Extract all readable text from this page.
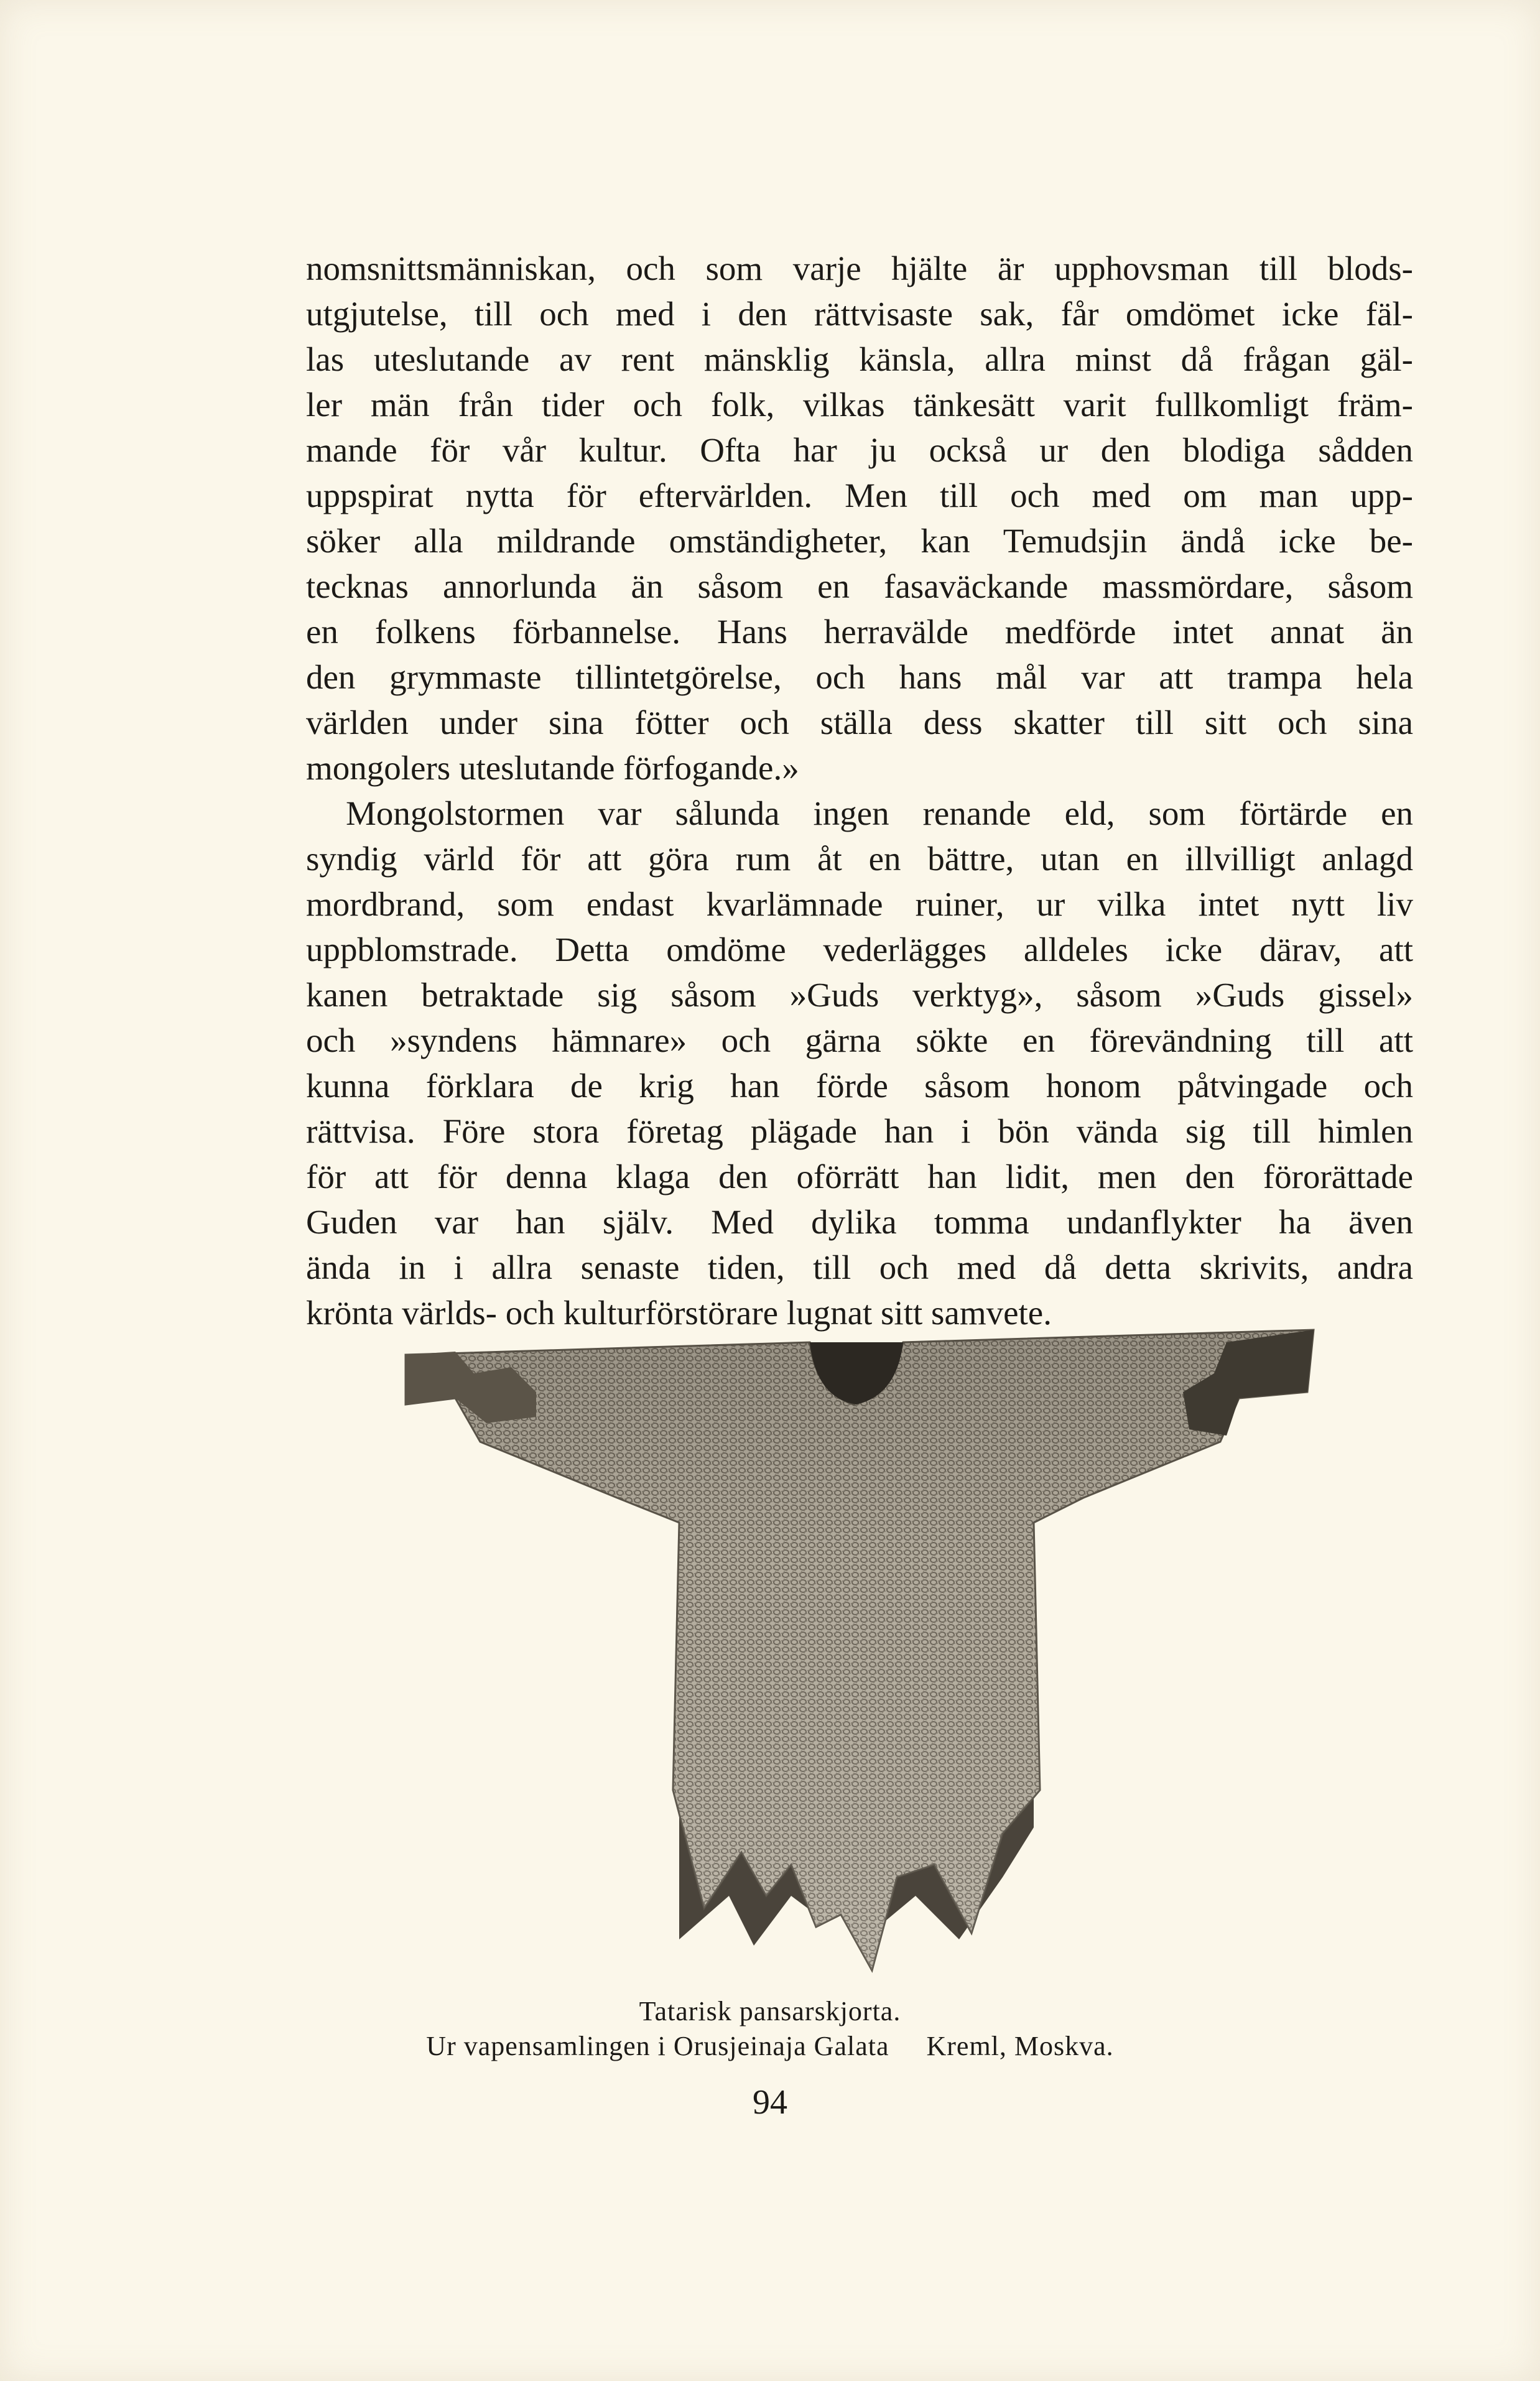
nomsnittsmänniskan, och som varje hjälte är upphovsman till blods-
utgjutelse, till och med i den rättvisaste sak, får omdömet icke fäl-
las uteslutande av rent mänsklig känsla, allra minst då frågan gäl-
ler män från tider och folk, vilkas tänkesätt varit fullkomligt främ-
mande för vår kultur. Ofta har ju också ur den blodiga sådden
uppspirat nytta för eftervärlden. Men till och med om man upp-
söker alla mildrande omständigheter, kan Temudsjin ändå icke be-
tecknas annorlunda än såsom en fasaväckande massmördare, såsom
en folkens förbannelse. Hans herravälde medförde intet annat än
den grymmaste tillintetgörelse, och hans mål var att trampa hela
världen under sina fötter och ställa dess skatter till sitt och sina
mongolers uteslutande förfogande.»
Mongolstormen var sålunda ingen renande eld, som förtärde en
syndig värld för att göra rum åt en bättre, utan en illvilligt anlagd
mordbrand, som endast kvarlämnade ruiner, ur vilka intet nytt liv
uppblomstrade. Detta omdöme vederlägges alldeles icke därav, att
kanen betraktade sig såsom »Guds verktyg», såsom »Guds gissel»
och »syndens hämnare» och gärna sökte en förevändning till att
kunna förklara de krig han förde såsom honom påtvingade och
rättvisa. Före stora företag plägade han i bön vända sig till himlen
för att för denna klaga den oförrätt han lidit, men den förorättade
Guden var han själv. Med dylika tomma undanflykter ha även
ända in i allra senaste tiden, till och med då detta skrivits, andra
krönta världs- och kulturförstörare lugnat sitt samvete.
Tatarisk pansarskjorta.
Ur vapensamlingen i Orusjeinaja Galata Kreml, Moskva.
94
